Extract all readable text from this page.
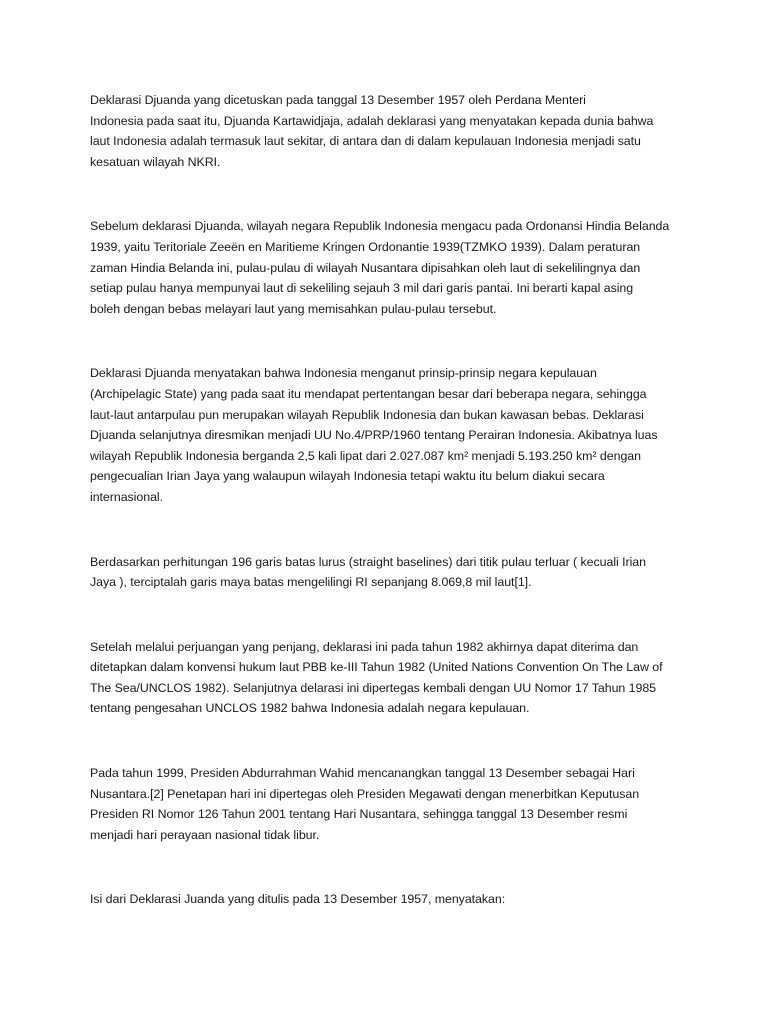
Deklarasi Djuanda yang dicetuskan pada tanggal 13 Desember 1957 oleh Perdana Menteri
Indonesia pada saat itu, Djuanda Kartawidjaja, adalah deklarasi yang menyatakan kepada dunia bahwa
laut Indonesia adalah termasuk laut sekitar, di antara dan di dalam kepulauan Indonesia menjadi satu
kesatuan wilayah NKRI.

Sebelum deklarasi Djuanda, wilayah negara Republik Indonesia mengacu pada Ordonansi Hindia Belanda
1939, yaitu Teritoriale Zeeën en Maritieme Kringen Ordonantie 1939(TZMKO 1939). Dalam peraturan
zaman Hindia Belanda ini, pulau-pulau di wilayah Nusantara dipisahkan oleh laut di sekelilingnya dan
setiap pulau hanya mempunyai laut di sekeliling sejauh 3 mil dari garis pantai. Ini berarti kapal asing
boleh dengan bebas melayari laut yang memisahkan pulau-pulau tersebut.

Deklarasi Djuanda menyatakan bahwa Indonesia menganut prinsip-prinsip negara kepulauan
(Archipelagic State) yang pada saat itu mendapat pertentangan besar dari beberapa negara, sehingga
laut-laut antarpulau pun merupakan wilayah Republik Indonesia dan bukan kawasan bebas. Deklarasi
Djuanda selanjutnya diresmikan menjadi UU No.4/PRP/1960 tentang Perairan Indonesia. Akibatnya luas
wilayah Republik Indonesia berganda 2,5 kali lipat dari 2.027.087 km² menjadi 5.193.250 km² dengan
pengecualian Irian Jaya yang walaupun wilayah Indonesia tetapi waktu itu belum diakui secara
internasional.

Berdasarkan perhitungan 196 garis batas lurus (straight baselines) dari titik pulau terluar ( kecuali Irian
Jaya ), terciptalah garis maya batas mengelilingi RI sepanjang 8.069,8 mil laut[1].

Setelah melalui perjuangan yang penjang, deklarasi ini pada tahun 1982 akhirnya dapat diterima dan
ditetapkan dalam konvensi hukum laut PBB ke-III Tahun 1982 (United Nations Convention On The Law of
The Sea/UNCLOS 1982). Selanjutnya delarasi ini dipertegas kembali dengan UU Nomor 17 Tahun 1985
tentang pengesahan UNCLOS 1982 bahwa Indonesia adalah negara kepulauan.

Pada tahun 1999, Presiden Abdurrahman Wahid mencanangkan tanggal 13 Desember sebagai Hari
Nusantara.[2] Penetapan hari ini dipertegas oleh Presiden Megawati dengan menerbitkan Keputusan
Presiden RI Nomor 126 Tahun 2001 tentang Hari Nusantara, sehingga tanggal 13 Desember resmi
menjadi hari perayaan nasional tidak libur.

Isi dari Deklarasi Juanda yang ditulis pada 13 Desember 1957, menyatakan:
